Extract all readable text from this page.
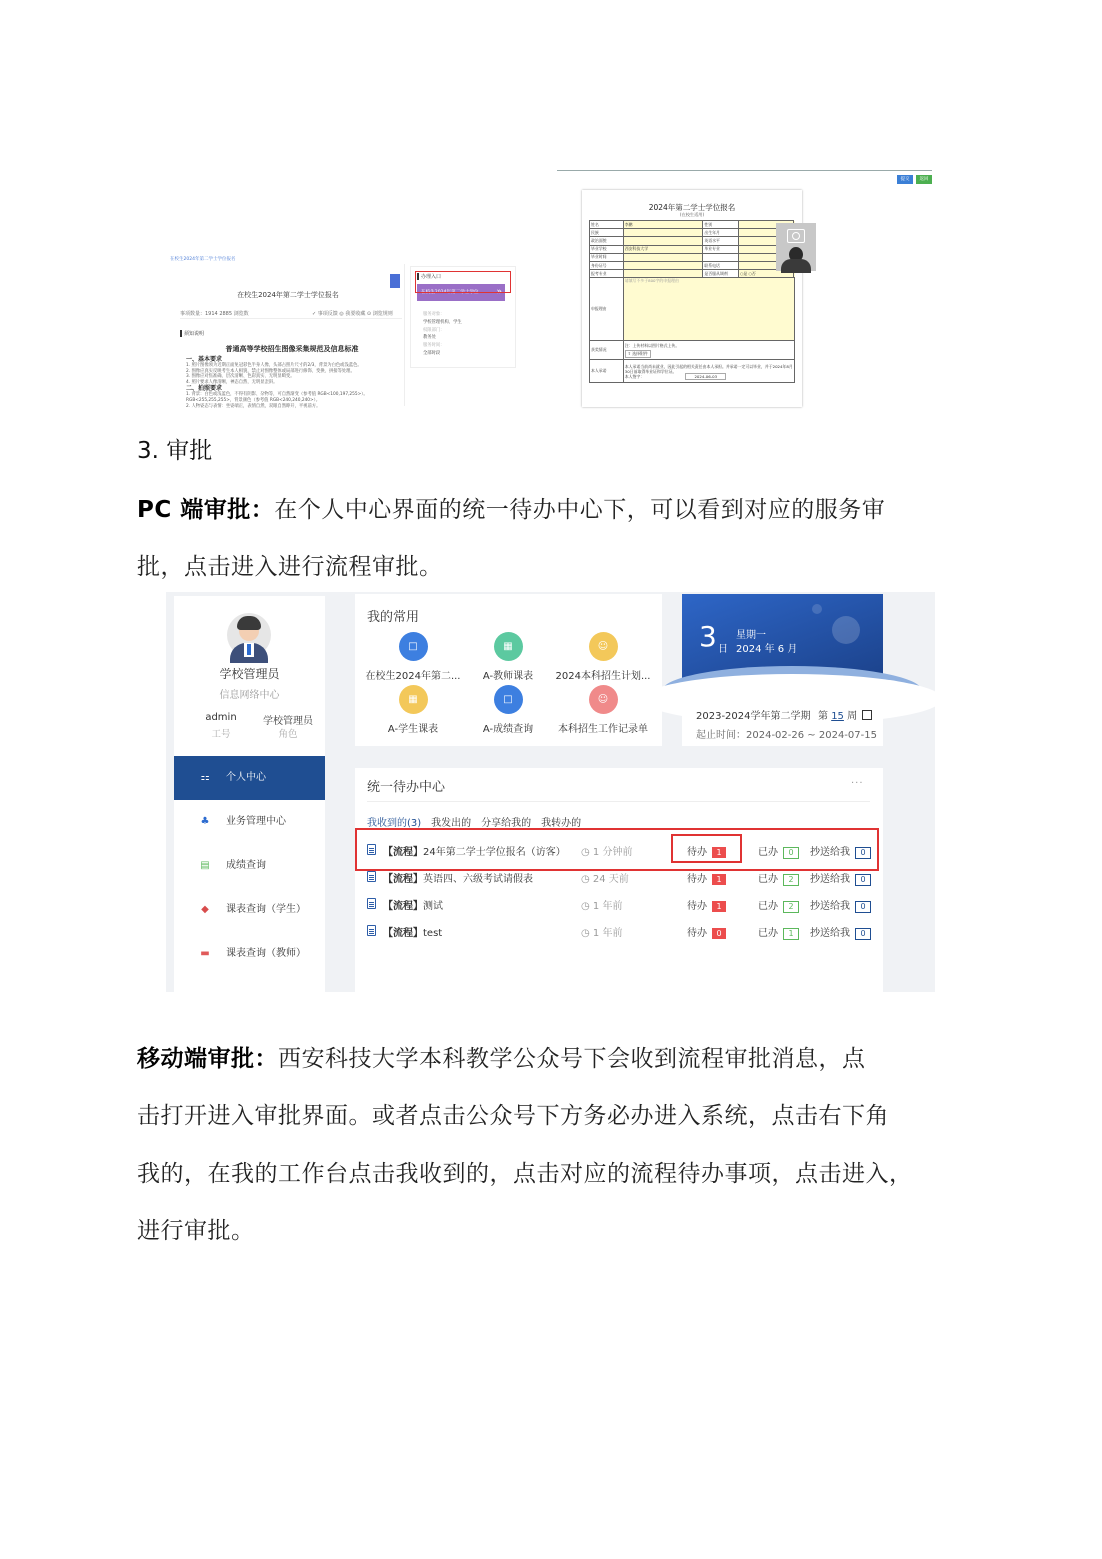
在校生2024年第二学士学位报名
在校生2024年第二学士学位报名
事项数量：1914 2885 浏览数	✓ 事项反馈 ◎ 我要收藏 ⊙ 浏览规则
须知说明
普通高等学校招生图像采集规范及信息标准
一、基本要求
1. 照片图像须为近期正面免冠彩色半身人像，头部占照片尺寸的2/3，背景为白色或浅蓝色。
2. 图像应真实反映考生本人相貌，禁止对图像整体或局部进行修饰、变换、拼接等处理。
3. 图像应对焦准确、层次清晰、色彩真实、无明显畸变。
4. 照片要求人像清晰，神态自然，无明显歪斜。
二、拍照要求
1. 背景：白色或浅蓝色，不得有阴影、杂物等，可自然渐变（参考值 RGB<100,197,255>）。
RGB<255,255,255>，背景颜色（参考值 RGB<240,240,240>）。
2. 人物姿态与表情：坐姿端正，表情自然，双眼自然睁开，平视前方。
办理入口
在校生2024年第二学士学位... »
服务对象：
学校管理机构、学生
权限部门：
教务处
服务时间：
全部时段
提交	返回
2024年第二学士学位报名
(在校生适用)
姓名	李鹏	性别			
民族		出生年月			
政治面貌		英语水平			
毕业学校	西安科技大学	毕业专业			
毕业时间					
身份证号		联系电话			
报考专业		是否服从调剂	○是 ○否		
申报理由	请填写不多于800字的申报理由			
获奖情况	注：上传材料以图片格式上传。
⇧ 选择附件			
本人承诺	本人承诺当前尚未就业，因此引起的相关责任由本人承担。并承诺一定可以毕业，并于2024年8月30日前取得毕业证和学位证。
本人签字： 2024-06-03			
3. 审批
PC 端审批：在个人中心界面的统一待办中心下，可以看到对应的服务审
批，点击进入进行流程审批。
学校管理员
信息网络中心
admin
工号
学校管理员
角色
⚏ 个人中心
♣ 业务管理中心
▤ 成绩查询
◆	课表查询（学生）
▬ 课表查询（教师）
我的常用
□
在校生2024年第二...
▦
A-教师课表
☺
2024本科招生计划...
▦
A-学生课表
□
A-成绩查询
☺
本科招生工作记录单
3 日
星期一
2024 年 6 月
2023-2024学年第二学期 第 15 周
起止时间：2024-02-26 ~ 2024-07-15
统一待办中心	···
我收到的(3) 我发出的 分享给我的 我转办的
【流程】24年第二学士学位报名（访客） ◷ 1 分钟前	待办 1	已办 0	抄送给我 0
【流程】英语四、六级考试请假表	◷ 24 天前	待办 1	已办 2	抄送给我 0
【流程】测试	◷ 1 年前	待办 1	已办 2	抄送给我 0
【流程】test	◷ 1 年前	待办 0	已办 1	抄送给我 0
移动端审批：西安科技大学本科教学公众号下会收到流程审批消息，点
击打开进入审批界面。或者点击公众号下方务必办进入系统，点击右下角
我的，在我的工作台点击我收到的，点击对应的流程待办事项，点击进入，
进行审批。
